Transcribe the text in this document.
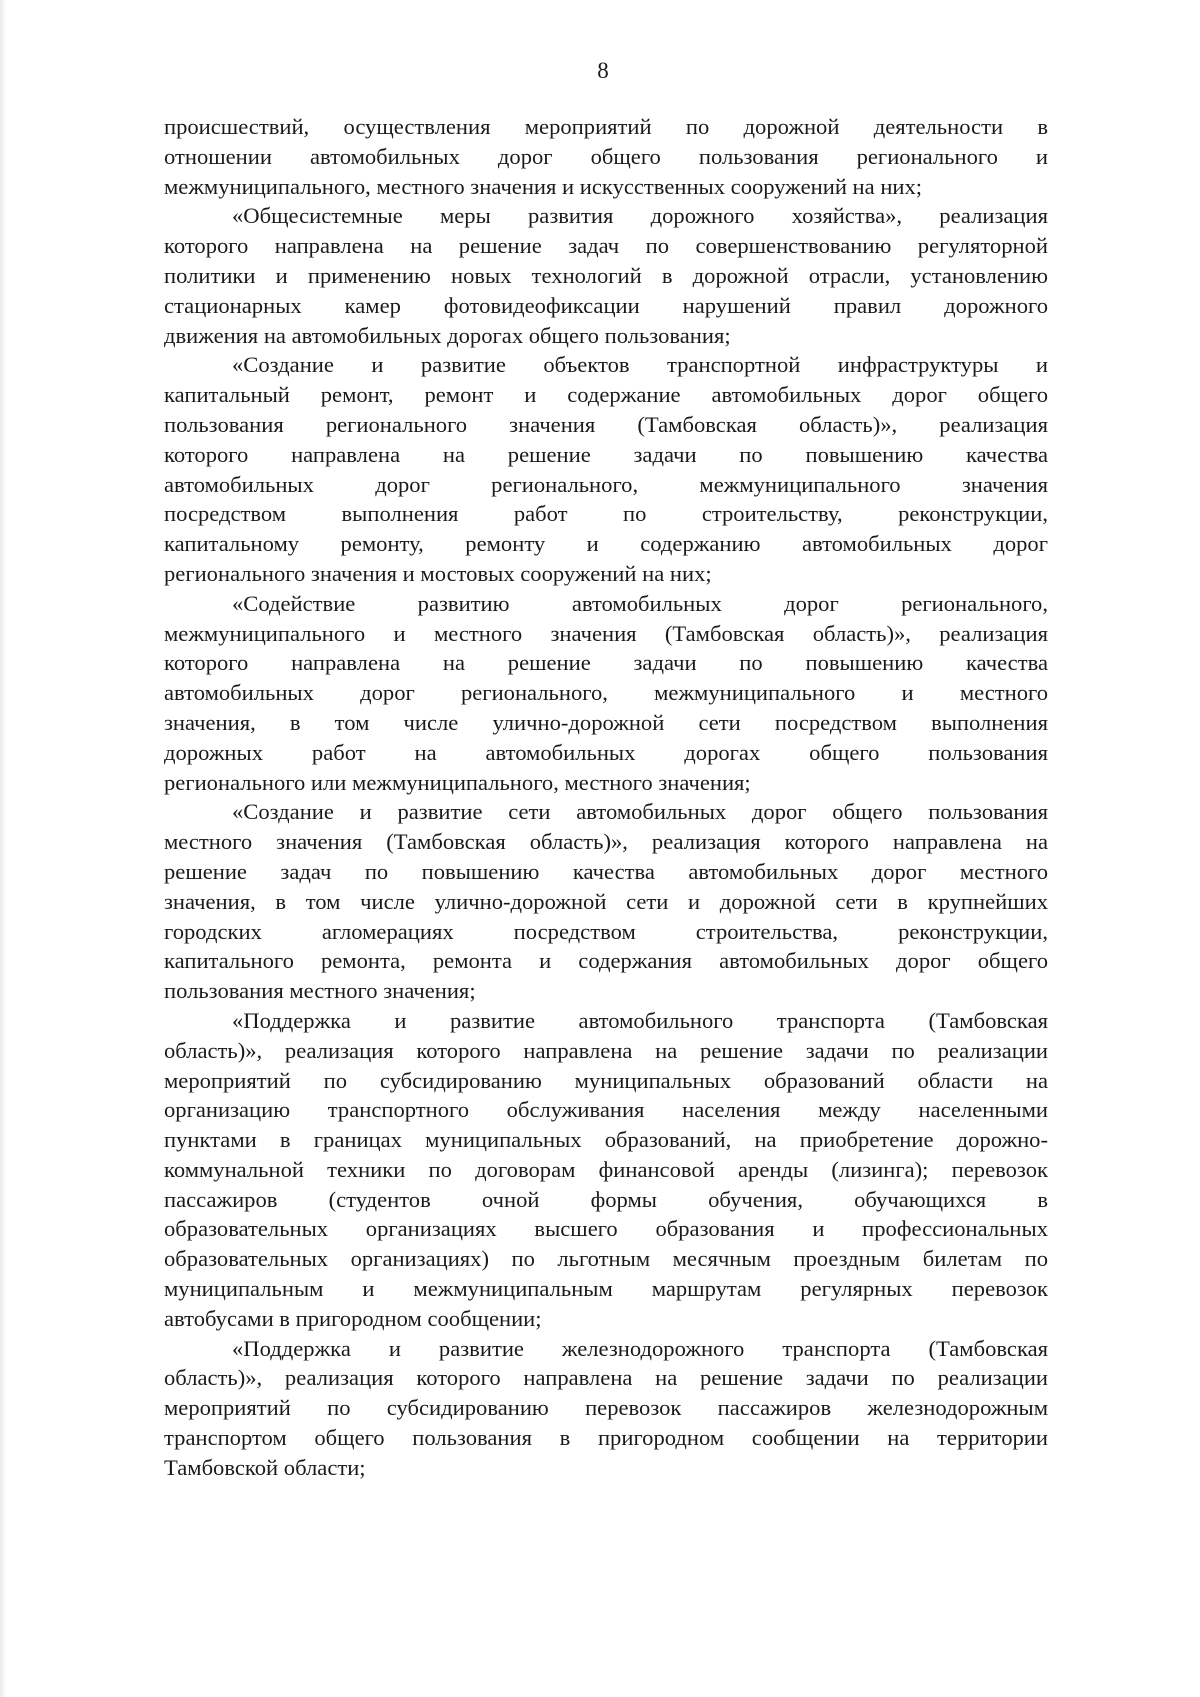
8
происшествий, осуществления мероприятий по дорожной деятельности в
отношении автомобильных дорог общего пользования регионального и
межмуниципального, местного значения и искусственных сооружений на них;
«Общесистемные меры развития дорожного хозяйства», реализация
которого направлена на решение задач по совершенствованию регуляторной
политики и применению новых технологий в дорожной отрасли, установлению
стационарных камер фотовидеофиксации нарушений правил дорожного
движения на автомобильных дорогах общего пользования;
«Создание и развитие объектов транспортной инфраструктуры и
капитальный ремонт, ремонт и содержание автомобильных дорог общего
пользования регионального значения (Тамбовская область)», реализация
которого направлена на решение задачи по повышению качества
автомобильных дорог регионального, межмуниципального значения
посредством выполнения работ по строительству, реконструкции,
капитальному ремонту, ремонту и содержанию автомобильных дорог
регионального значения и мостовых сооружений на них;
«Содействие развитию автомобильных дорог регионального,
межмуниципального и местного значения (Тамбовская область)», реализация
которого направлена на решение задачи по повышению качества
автомобильных дорог регионального, межмуниципального и местного
значения, в том числе улично-дорожной сети посредством выполнения
дорожных работ на автомобильных дорогах общего пользования
регионального или межмуниципального, местного значения;
«Создание и развитие сети автомобильных дорог общего пользования
местного значения (Тамбовская область)», реализация которого направлена на
решение задач по повышению качества автомобильных дорог местного
значения, в том числе улично-дорожной сети и дорожной сети в крупнейших
городских агломерациях посредством строительства, реконструкции,
капитального ремонта, ремонта и содержания автомобильных дорог общего
пользования местного значения;
«Поддержка и развитие автомобильного транспорта (Тамбовская
область)», реализация которого направлена на решение задачи по реализации
мероприятий по субсидированию муниципальных образований области на
организацию транспортного обслуживания населения между населенными
пунктами в границах муниципальных образований, на приобретение дорожно-
коммунальной техники по договорам финансовой аренды (лизинга); перевозок
пассажиров (студентов очной формы обучения, обучающихся в
образовательных организациях высшего образования и профессиональных
образовательных организациях) по льготным месячным проездным билетам по
муниципальным и межмуниципальным маршрутам регулярных перевозок
автобусами в пригородном сообщении;
«Поддержка и развитие железнодорожного транспорта (Тамбовская
область)», реализация которого направлена на решение задачи по реализации
мероприятий по субсидированию перевозок пассажиров железнодорожным
транспортом общего пользования в пригородном сообщении на территории
Тамбовской области;
